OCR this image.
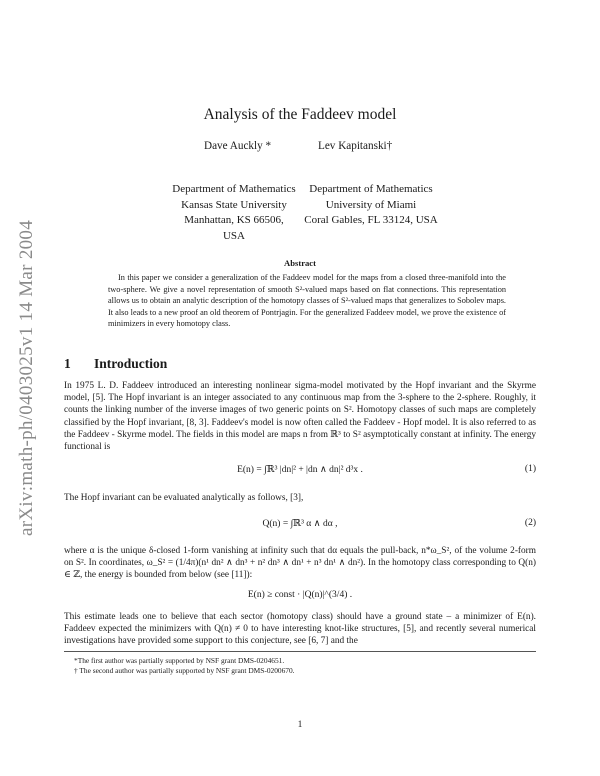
arXiv:math-ph/0403025v1 14 Mar 2004
Analysis of the Faddeev model
Dave Auckly *	Lev Kapitanski†
Department of Mathematics
Kansas State University
Manhattan, KS 66506, USA
Department of Mathematics
University of Miami
Coral Gables, FL 33124, USA
Abstract

In this paper we consider a generalization of the Faddeev model for the maps from a closed three-manifold into the two-sphere. We give a novel representation of smooth S²-valued maps based on flat connections. This representation allows us to obtain an analytic description of the homotopy classes of S²-valued maps that generalizes to Sobolev maps. It also leads to a new proof an old theorem of Pontrjagin. For the generalized Faddeev model, we prove the existence of minimizers in every homotopy class.

1 Introduction

In 1975 L. D. Faddeev introduced an interesting nonlinear sigma-model motivated by the Hopf invariant and the Skyrme model, [5]. The Hopf invariant is an integer associated to any continuous map from the 3-sphere to the 2-sphere. Roughly, it counts the linking number of the inverse images of two generic points on S². Homotopy classes of such maps are completely classified by the Hopf invariant, [8, 3]. Faddeev's model is now often called the Faddeev - Hopf model. It is also referred to as the Faddeev - Skyrme model. The fields in this model are maps n from ℝ³ to S² asymptotically constant at infinity. The energy functional is

E(n) = ∫ℝ³ |dn|² + |dn ∧ dn|² d³x .	(1)

The Hopf invariant can be evaluated analytically as follows, [3],

Q(n) = ∫ℝ³ α ∧ dα ,	(2)

where α is the unique δ-closed 1-form vanishing at infinity such that dα equals the pull-back, n*ω_S², of the volume 2-form on S². In coordinates, ω_S² = (1/4π)(n¹ dn² ∧ dn³ + n² dn³ ∧ dn¹ + n³ dn¹ ∧ dn²). In the homotopy class corresponding to Q(n) ∈ ℤ, the energy is bounded from below (see [11]):

E(n) ≥ const · |Q(n)|^(3/4) .

This estimate leads one to believe that each sector (homotopy class) should have a ground state – a minimizer of E(n). Faddeev expected the minimizers with Q(n) ≠ 0 to have interesting knot-like structures, [5], and recently several numerical investigations have provided some support to this conjecture, see [6, 7] and the

*The first author was partially supported by NSF grant DMS-0204651.

† The second author was partially supported by NSF grant DMS-0200670.

1
